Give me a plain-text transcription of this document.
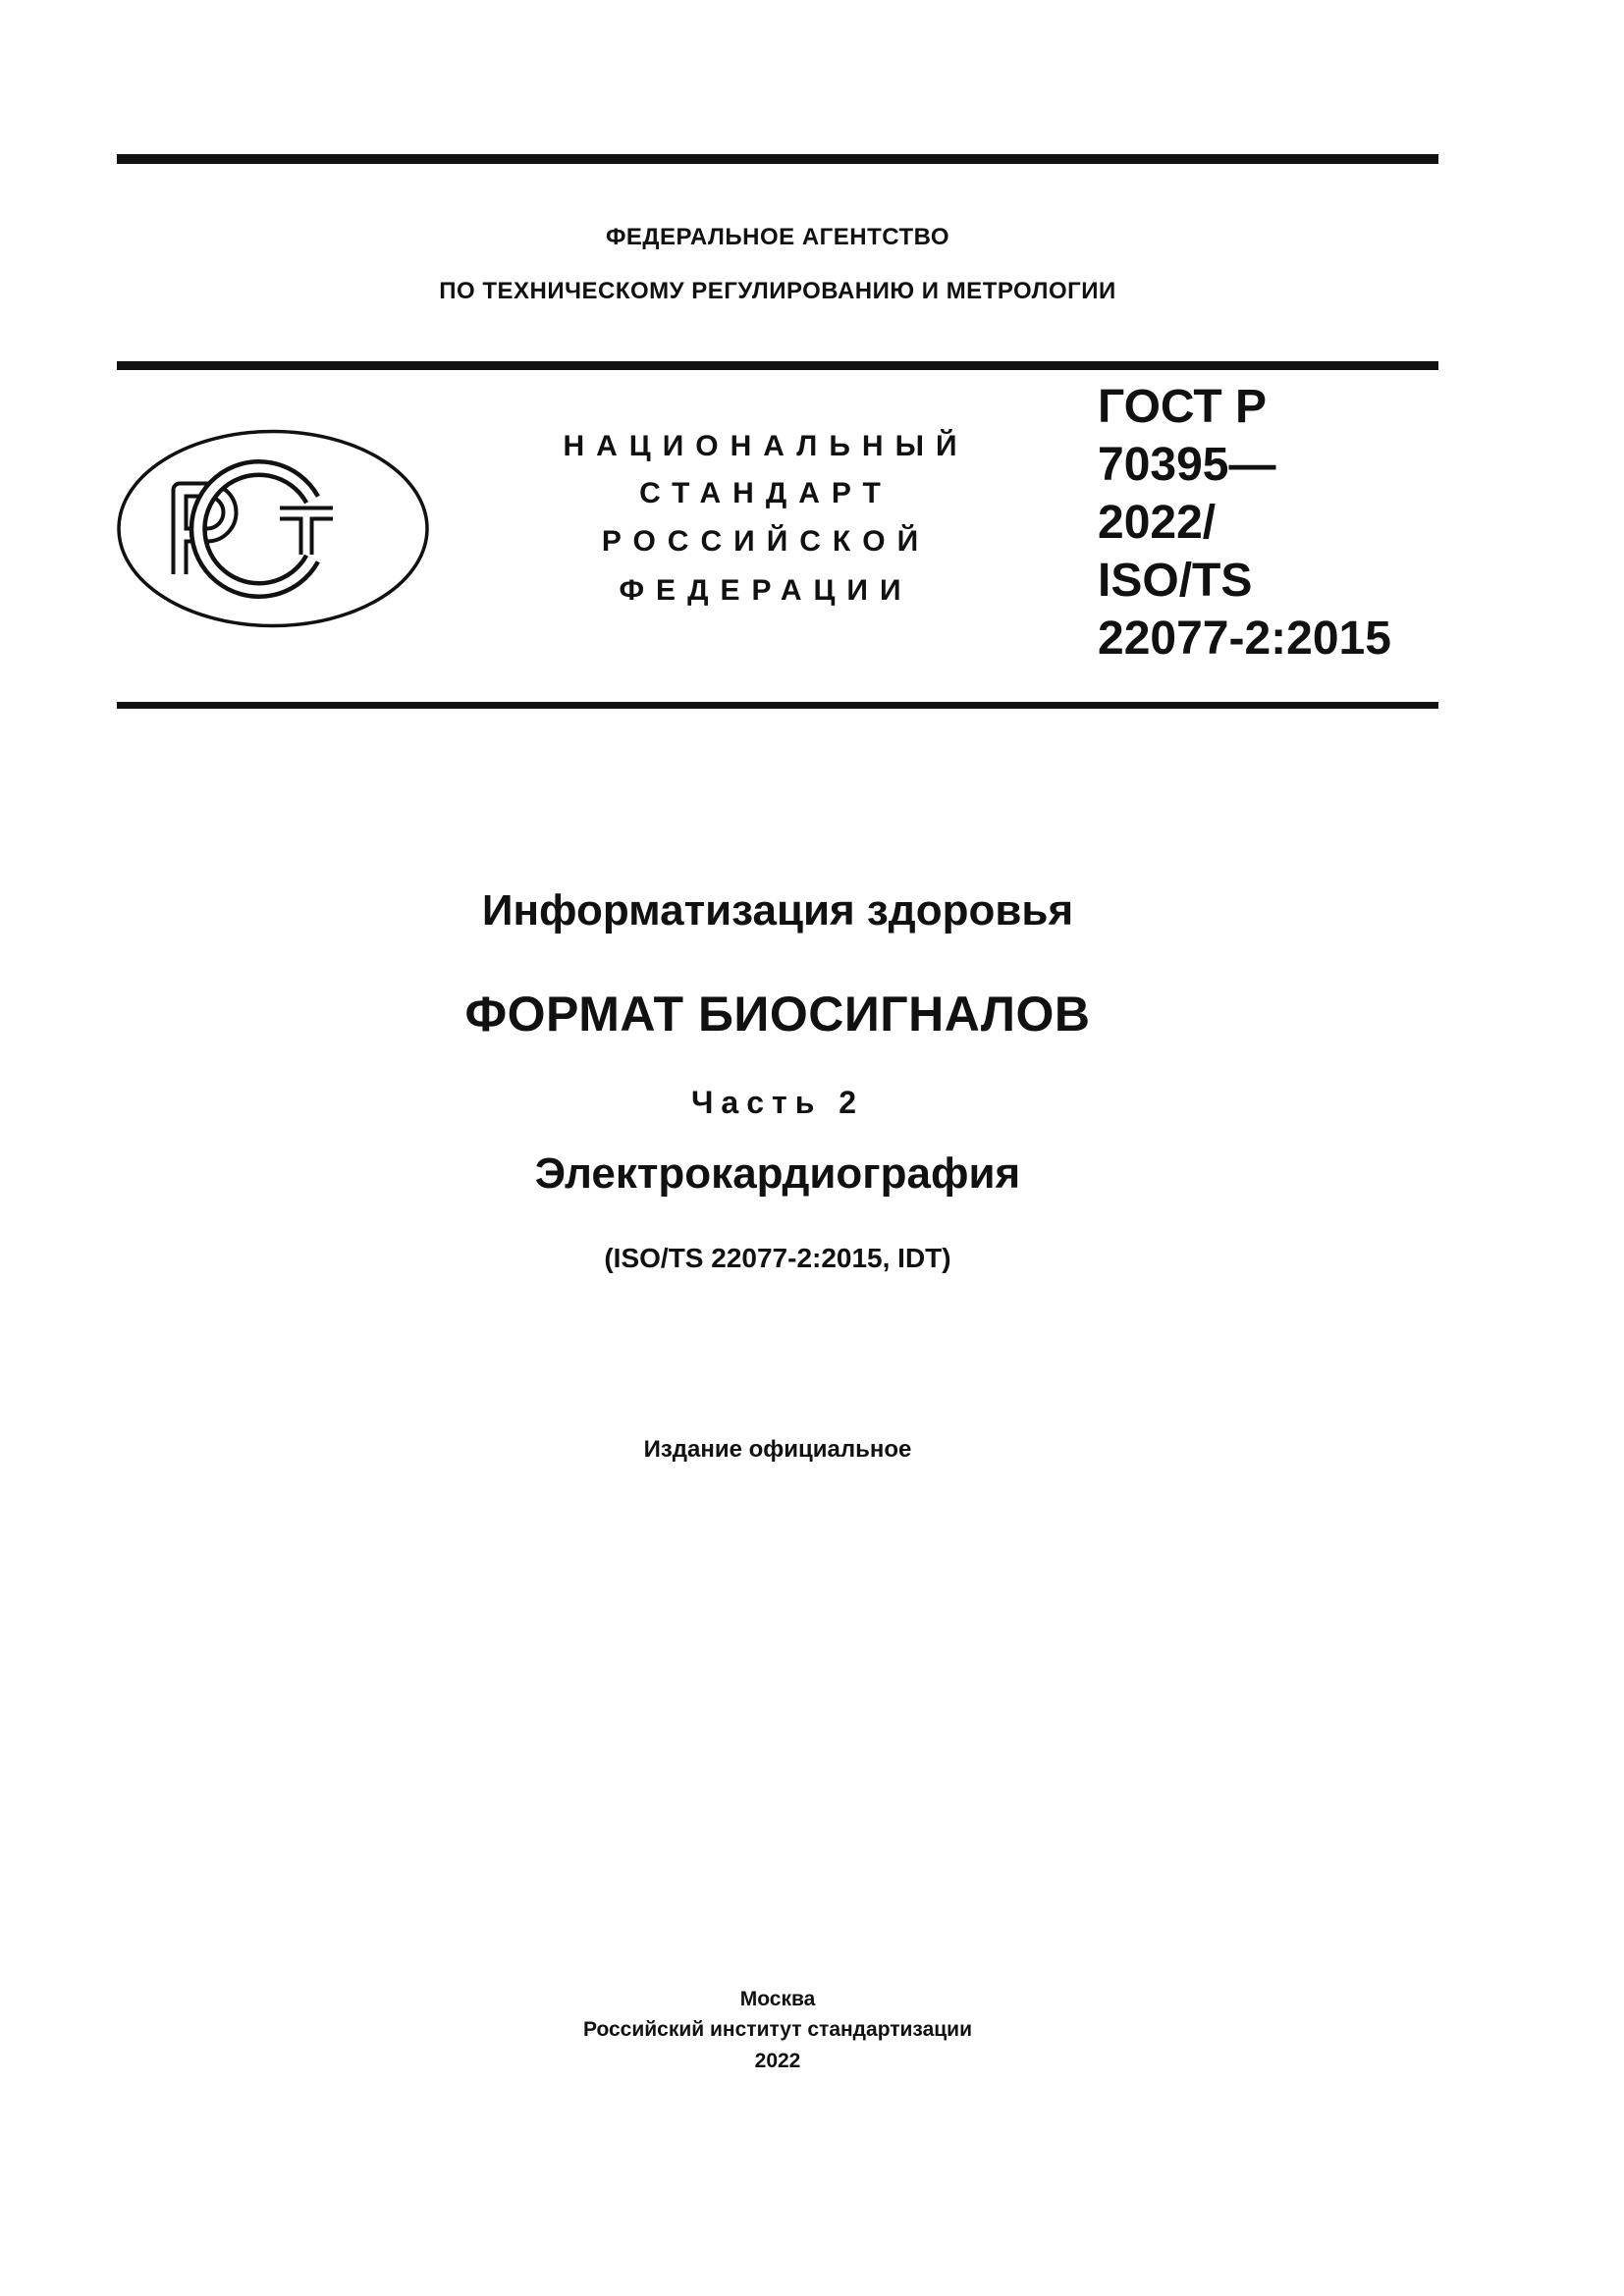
ФЕДЕРАЛЬНОЕ АГЕНТСТВО
ПО ТЕХНИЧЕСКОМУ РЕГУЛИРОВАНИЮ И МЕТРОЛОГИИ
НАЦИОНАЛЬНЫЙ
СТАНДАРТ
РОССИЙСКОЙ
ФЕДЕРАЦИИ
ГОСТ Р
70395—
2022/
ISO/TS
22077-2:2015
Информатизация здоровья
ФОРМАТ БИОСИГНАЛОВ
Часть 2
Электрокардиография
(ISO/TS 22077-2:2015, IDT)
Издание официальное
Москва
Российский институт стандартизации
2022
